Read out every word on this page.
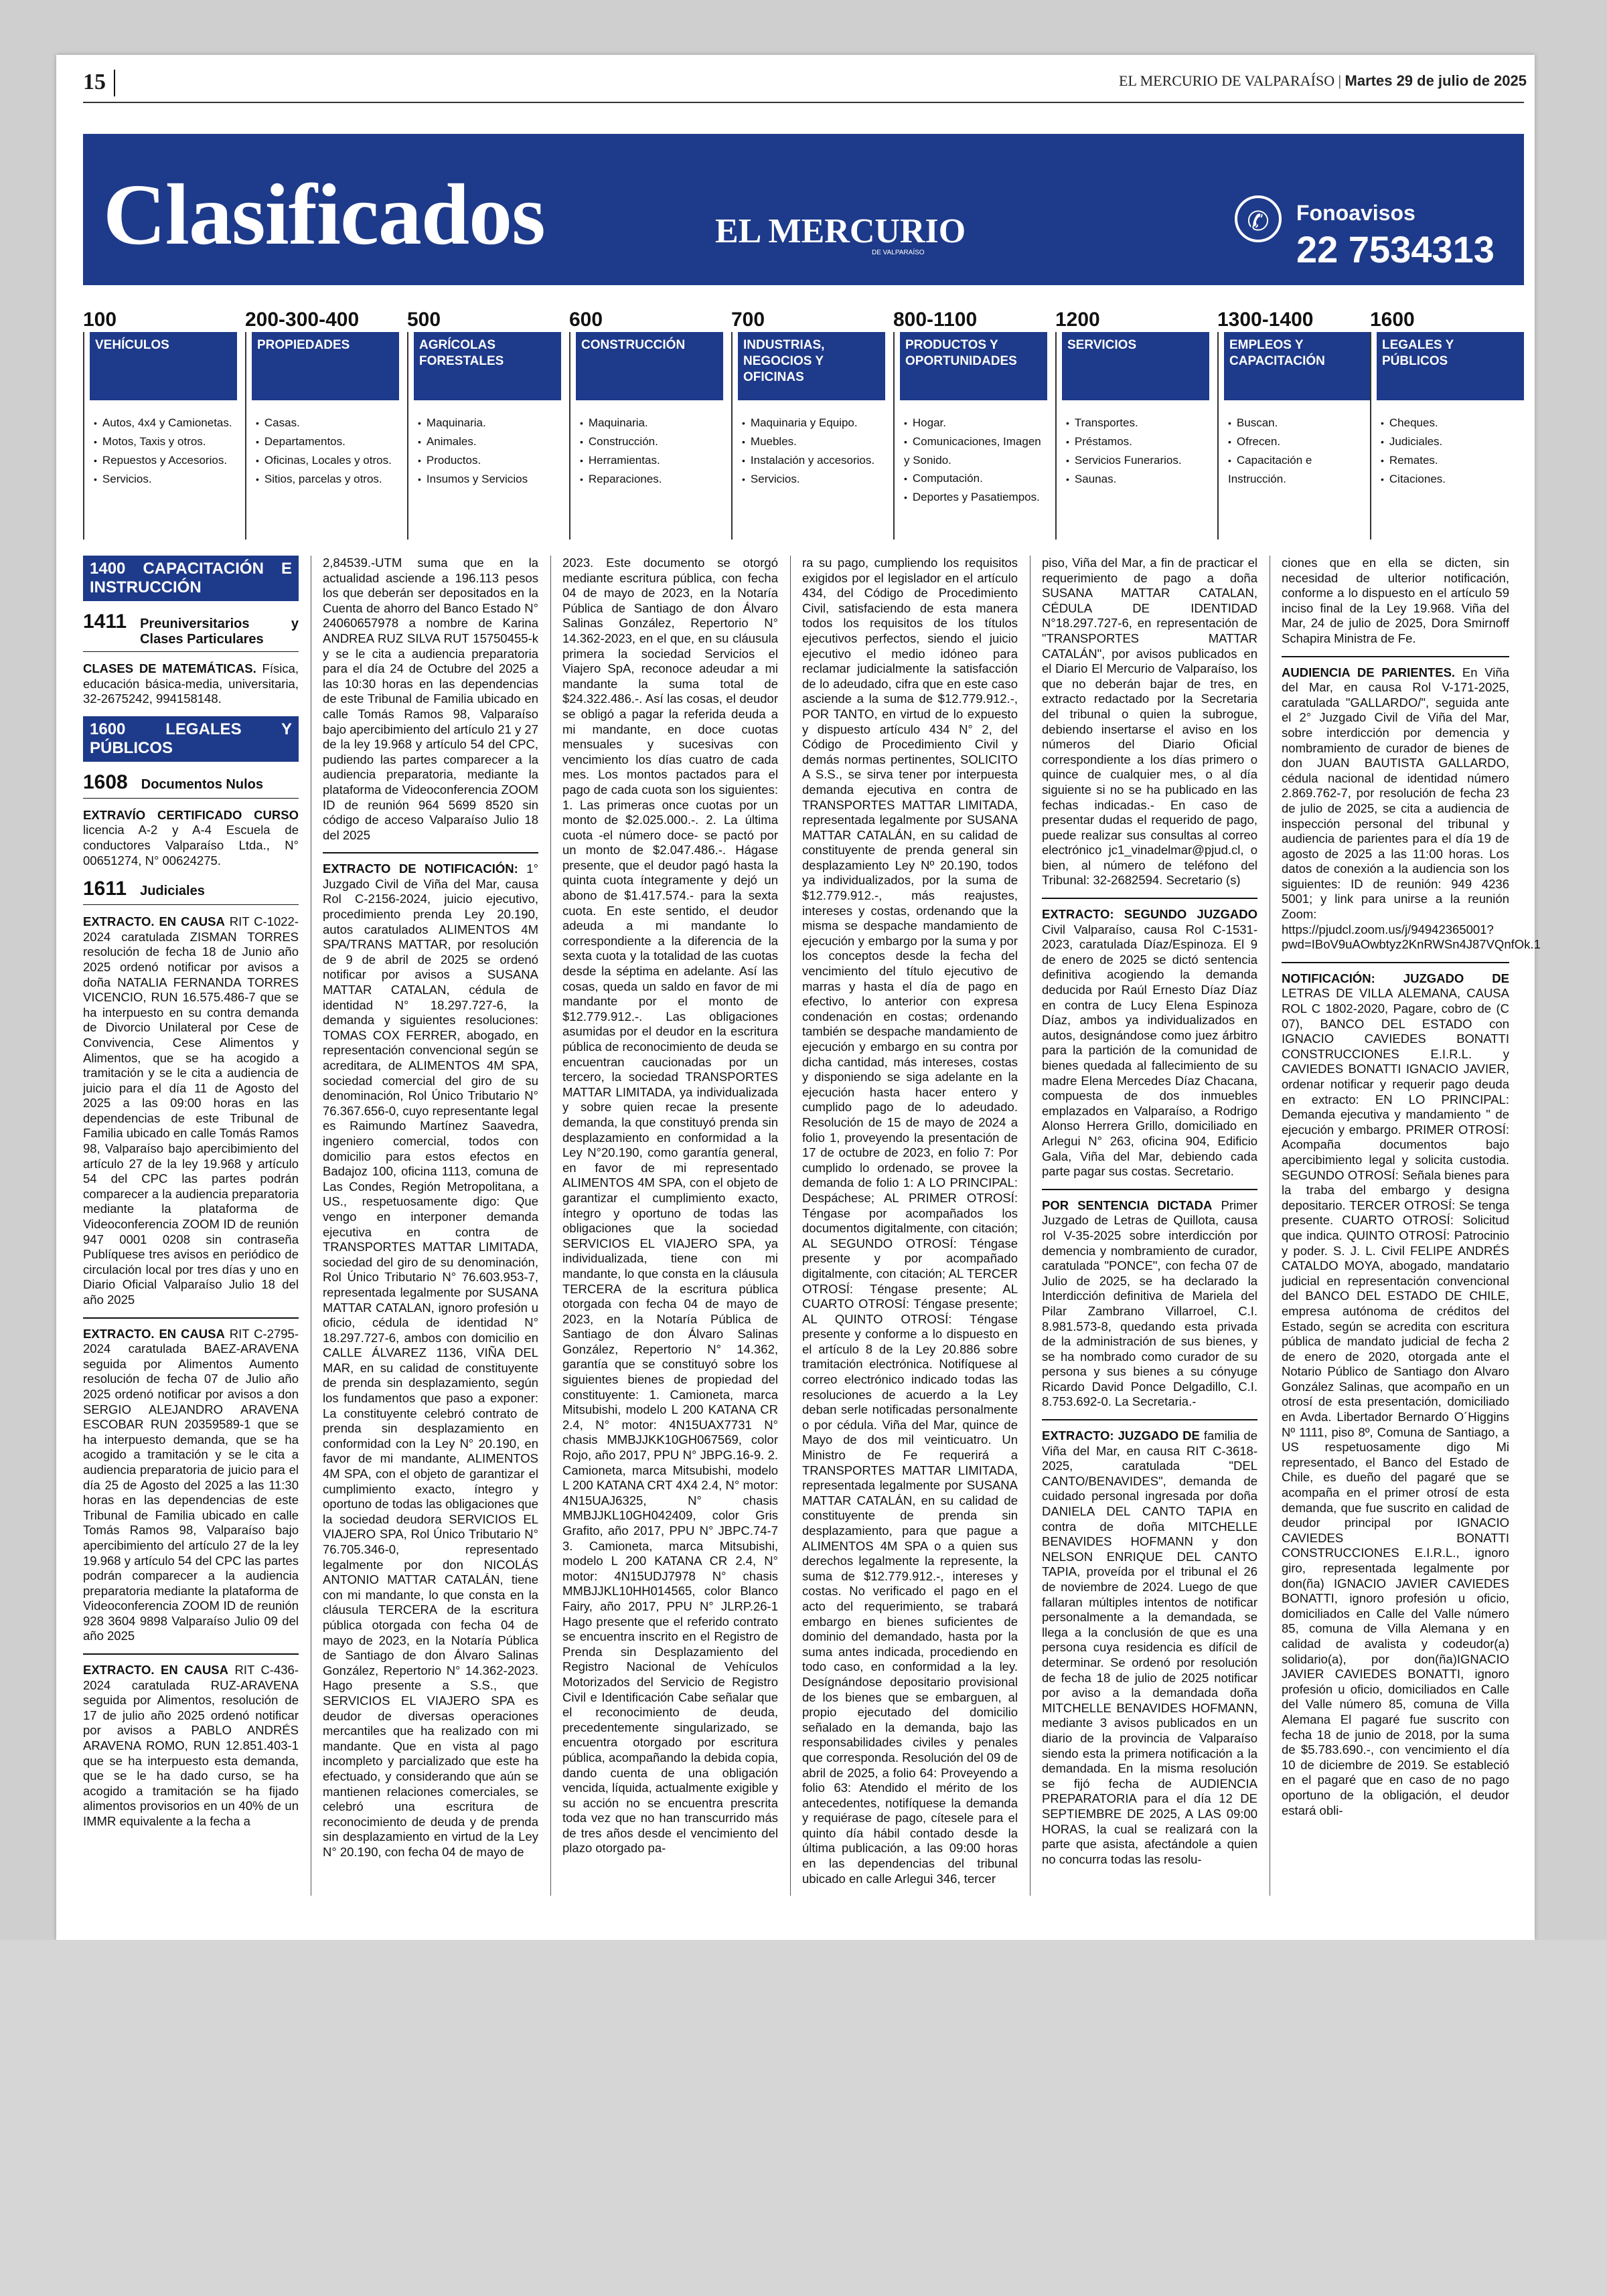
15	EL MERCURIO DE VALPARAÍSO | Martes 29 de julio de 2025
Clasificados	EL MERCURIO
DE VALPARAÍSO
✆	Fonoavisos
22 7534313
100
VEHÍCULOS
• Autos, 4x4 y Camionetas.
• Motos, Taxis y otros.
• Repuestos y Accesorios.
• Servicios.
200-300-400
PROPIEDADES
• Casas.
• Departamentos.
• Oficinas, Locales y otros.
• Sitios, parcelas y otros.
500
AGRÍCOLAS FORESTALES
• Maquinaria.
• Animales.
• Productos.
• Insumos y Servicios
600
CONSTRUCCIÓN
• Maquinaria.
• Construcción.
• Herramientas.
• Reparaciones.
700
INDUSTRIAS, NEGOCIOS Y OFICINAS
• Maquinaria y Equipo.
• Muebles.
• Instalación y accesorios.
• Servicios.
800-1100
PRODUCTOS Y OPORTUNIDADES
• Hogar.
• Comunicaciones, Imagen y Sonido.
• Computación.
• Deportes y Pasatiempos.
1200
SERVICIOS
• Transportes.
• Préstamos.
• Servicios Funerarios.
• Saunas.
1300-1400
EMPLEOS Y CAPACITACIÓN
• Buscan.
• Ofrecen.
• Capacitación e Instrucción.
1600
LEGALES Y PÚBLICOS
• Cheques.
• Judiciales.
• Remates.
• Citaciones.
1400 CAPACITACIÓN E INSTRUCCIÓN
1411 Preuniversitarios y Clases Particulares

CLASES DE MATEMÁTICAS. Física, educación básica-media, universitaria, 32-2675242, 994158148.

1600 LEGALES Y PÚBLICOS
1608 Documentos Nulos

EXTRAVÍO CERTIFICADO CURSO licencia A-2 y A-4 Escuela de conductores Valparaíso Ltda., N° 00651274, N° 00624275.

1611 Judiciales

EXTRACTO. EN CAUSA RIT C-1022-2024 caratulada ZISMAN TORRES resolución de fecha 18 de Junio año 2025 ordenó notificar por avisos a doña NATALIA FERNANDA TORRES VICENCIO, RUN 16.575.486-7 que se ha interpuesto en su contra demanda de Divorcio Unilateral por Cese de Convivencia, Cese Alimentos y Alimentos, que se ha acogido a tramitación y se le cita a audiencia de juicio para el día 11 de Agosto del 2025 a las 09:00 horas en las dependencias de este Tribunal de Familia ubicado en calle Tomás Ramos 98, Valparaíso bajo apercibimiento del artículo 27 de la ley 19.968 y artículo 54 del CPC las partes podrán comparecer a la audiencia preparatoria mediante la plataforma de Videoconferencia ZOOM ID de reunión 947 0001 0208 sin contraseña Publíquese tres avisos en periódico de circulación local por tres días y uno en Diario Oficial Valparaíso Julio 18 del año 2025

EXTRACTO. EN CAUSA RIT C-2795-2024 caratulada BAEZ-ARAVENA seguida por Alimentos Aumento resolución de fecha 07 de Julio año 2025 ordenó notificar por avisos a don SERGIO ALEJANDRO ARAVENA ESCOBAR RUN 20359589-1 que se ha interpuesto demanda, que se ha acogido a tramitación y se le cita a audiencia preparatoria de juicio para el día 25 de Agosto del 2025 a las 11:30 horas en las dependencias de este Tribunal de Familia ubicado en calle Tomás Ramos 98, Valparaíso bajo apercibimiento del artículo 27 de la ley 19.968 y artículo 54 del CPC las partes podrán comparecer a la audiencia preparatoria mediante la plataforma de Videoconferencia ZOOM ID de reunión 928 3604 9898 Valparaíso Julio 09 del año 2025

EXTRACTO. EN CAUSA RIT C-436-2024 caratulada RUZ-ARAVENA seguida por Alimentos, resolución de 17 de julio año 2025 ordenó notificar por avisos a PABLO ANDRÉS ARAVENA ROMO, RUN 12.851.403-1 que se ha interpuesto esta demanda, que se le ha dado curso, se ha acogido a tramitación se ha fijado alimentos provisorios en un 40% de un IMMR equivalente a la fecha a

2,84539.-UTM suma que en la actualidad asciende a 196.113 pesos los que deberán ser depositados en la Cuenta de ahorro del Banco Estado N° 24060657978 a nombre de Karina ANDREA RUZ SILVA RUT 15750455-k y se le cita a audiencia preparatoria para el día 24 de Octubre del 2025 a las 10:30 horas en las dependencias de este Tribunal de Familia ubicado en calle Tomás Ramos 98, Valparaíso bajo apercibimiento del artículo 21 y 27 de la ley 19.968 y artículo 54 del CPC, pudiendo las partes comparecer a la audiencia preparatoria, mediante la plataforma de Videoconferencia ZOOM ID de reunión 964 5699 8520 sin código de acceso Valparaíso Julio 18 del 2025

EXTRACTO DE NOTIFICACIÓN: 1° Juzgado Civil de Viña del Mar, causa Rol C-2156-2024, juicio ejecutivo, procedimiento prenda Ley 20.190, autos caratulados ALIMENTOS 4M SPA/TRANS MATTAR, por resolución de 9 de abril de 2025 se ordenó notificar por avisos a SUSANA MATTAR CATALAN, cédula de identidad N° 18.297.727-6, la demanda y siguientes resoluciones: TOMAS COX FERRER, abogado, en representación convencional según se acreditara, de ALIMENTOS 4M SPA, sociedad comercial del giro de su denominación, Rol Único Tributario N° 76.367.656-0, cuyo representante legal es Raimundo Martínez Saavedra, ingeniero comercial, todos con domicilio para estos efectos en Badajoz 100, oficina 1113, comuna de Las Condes, Región Metropolitana, a US., respetuosamente digo: Que vengo en interponer demanda ejecutiva en contra de TRANSPORTES MATTAR LIMITADA, sociedad del giro de su denominación, Rol Único Tributario N° 76.603.953-7, representada legalmente por SUSANA MATTAR CATALAN, ignoro profesión u oficio, cédula de identidad N° 18.297.727-6, ambos con domicilio en CALLE ÁLVAREZ 1136, VIÑA DEL MAR, en su calidad de constituyente de prenda sin desplazamiento, según los fundamentos que paso a exponer: La constituyente celebró contrato de prenda sin desplazamiento en conformidad con la Ley N° 20.190, en favor de mi mandante, ALIMENTOS 4M SPA, con el objeto de garantizar el cumplimiento exacto, íntegro y oportuno de todas las obligaciones que la sociedad deudora SERVICIOS EL VIAJERO SPA, Rol Único Tributario N° 76.705.346-0, representado legalmente por don NICOLÁS ANTONIO MATTAR CATALÁN, tiene con mi mandante, lo que consta en la cláusula TERCERA de la escritura pública otorgada con fecha 04 de mayo de 2023, en la Notaría Pública de Santiago de don Álvaro Salinas González, Repertorio N° 14.362-2023. Hago presente a S.S., que SERVICIOS EL VIAJERO SPA es deudor de diversas operaciones mercantiles que ha realizado con mi mandante. Que en vista al pago incompleto y parcializado que este ha efectuado, y considerando que aún se mantienen relaciones comerciales, se celebró una escritura de reconocimiento de deuda y de prenda sin desplazamiento en virtud de la Ley N° 20.190, con fecha 04 de mayo de

2023. Este documento se otorgó mediante escritura pública, con fecha 04 de mayo de 2023, en la Notaría Pública de Santiago de don Álvaro Salinas González, Repertorio N° 14.362-2023, en el que, en su cláusula primera la sociedad Servicios el Viajero SpA, reconoce adeudar a mi mandante la suma total de $24.322.486.-. Así las cosas, el deudor se obligó a pagar la referida deuda a mi mandante, en doce cuotas mensuales y sucesivas con vencimiento los días cuatro de cada mes. Los montos pactados para el pago de cada cuota son los siguientes: 1. Las primeras once cuotas por un monto de $2.025.000.-. 2. La última cuota -el número doce- se pactó por un monto de $2.047.486.-. Hágase presente, que el deudor pagó hasta la quinta cuota íntegramente y dejó un abono de $1.417.574.- para la sexta cuota. En este sentido, el deudor adeuda a mi mandante lo correspondiente a la diferencia de la sexta cuota y la totalidad de las cuotas desde la séptima en adelante. Así las cosas, queda un saldo en favor de mi mandante por el monto de $12.779.912.-. Las obligaciones asumidas por el deudor en la escritura pública de reconocimiento de deuda se encuentran caucionadas por un tercero, la sociedad TRANSPORTES MATTAR LIMITADA, ya individualizada y sobre quien recae la presente demanda, la que constituyó prenda sin desplazamiento en conformidad a la Ley N°20.190, como garantía general, en favor de mi representado ALIMENTOS 4M SPA, con el objeto de garantizar el cumplimiento exacto, íntegro y oportuno de todas las obligaciones que la sociedad SERVICIOS EL VIAJERO SPA, ya individualizada, tiene con mi mandante, lo que consta en la cláusula TERCERA de la escritura pública otorgada con fecha 04 de mayo de 2023, en la Notaría Pública de Santiago de don Álvaro Salinas González, Repertorio N° 14.362, garantía que se constituyó sobre los siguientes bienes de propiedad del constituyente: 1. Camioneta, marca Mitsubishi, modelo L 200 KATANA CR 2.4, N° motor: 4N15UAX7731 N° chasis MMBJJKK10GH067569, color Rojo, año 2017, PPU N° JBPG.16-9. 2. Camioneta, marca Mitsubishi, modelo L 200 KATANA CRT 4X4 2.4, N° motor: 4N15UAJ6325, N° chasis MMBJJKL10GH042409, color Gris Grafito, año 2017, PPU N° JBPC.74-7 3. Camioneta, marca Mitsubishi, modelo L 200 KATANA CR 2.4, N° motor: 4N15UDJ7978 N° chasis MMBJJKL10HH014565, color Blanco Fairy, año 2017, PPU N° JLRP.26-1 Hago presente que el referido contrato se encuentra inscrito en el Registro de Prenda sin Desplazamiento del Registro Nacional de Vehículos Motorizados del Servicio de Registro Civil e Identificación Cabe señalar que el reconocimiento de deuda, precedentemente singularizado, se encuentra otorgado por escritura pública, acompañando la debida copia, dando cuenta de una obligación vencida, líquida, actualmente exigible y su acción no se encuentra prescrita toda vez que no han transcurrido más de tres años desde el vencimiento del plazo otorgado pa-

ra su pago, cumpliendo los requisitos exigidos por el legislador en el artículo 434, del Código de Procedimiento Civil, satisfaciendo de esta manera todos los requisitos de los títulos ejecutivos perfectos, siendo el juicio ejecutivo el medio idóneo para reclamar judicialmente la satisfacción de lo adeudado, cifra que en este caso asciende a la suma de $12.779.912.-, POR TANTO, en virtud de lo expuesto y dispuesto artículo 434 N° 2, del Código de Procedimiento Civil y demás normas pertinentes, SOLICITO A S.S., se sirva tener por interpuesta demanda ejecutiva en contra de TRANSPORTES MATTAR LIMITADA, representada legalmente por SUSANA MATTAR CATALÁN, en su calidad de constituyente de prenda general sin desplazamiento Ley Nº 20.190, todos ya individualizados, por la suma de $12.779.912.-, más reajustes, intereses y costas, ordenando que la misma se despache mandamiento de ejecución y embargo por la suma y por los conceptos desde la fecha del vencimiento del título ejecutivo de marras y hasta el día de pago en efectivo, lo anterior con expresa condenación en costas; ordenando también se despache mandamiento de ejecución y embargo en su contra por dicha cantidad, más intereses, costas y disponiendo se siga adelante en la ejecución hasta hacer entero y cumplido pago de lo adeudado. Resolución de 15 de mayo de 2024 a folio 1, proveyendo la presentación de 17 de octubre de 2023, en folio 7: Por cumplido lo ordenado, se provee la demanda de folio 1: A LO PRINCIPAL: Despáchese; AL PRIMER OTROSÍ: Téngase por acompañados los documentos digitalmente, con citación; AL SEGUNDO OTROSÍ: Téngase presente y por acompañado digitalmente, con citación; AL TERCER OTROSÍ: Téngase presente; AL CUARTO OTROSÍ: Téngase presente; AL QUINTO OTROSÍ: Téngase presente y conforme a lo dispuesto en el artículo 8 de la Ley 20.886 sobre tramitación electrónica. Notifíquese al correo electrónico indicado todas las resoluciones de acuerdo a la Ley deban serle notificadas personalmente o por cédula. Viña del Mar, quince de Mayo de dos mil veinticuatro. Un Ministro de Fe requerirá a TRANSPORTES MATTAR LIMITADA, representada legalmente por SUSANA MATTAR CATALÁN, en su calidad de constituyente de prenda sin desplazamiento, para que pague a ALIMENTOS 4M SPA o a quien sus derechos legalmente la represente, la suma de $12.779.912.-, intereses y costas. No verificado el pago en el acto del requerimiento, se trabará embargo en bienes suficientes de dominio del demandado, hasta por la suma antes indicada, procediendo en todo caso, en conformidad a la ley. Desígnándose depositario provisional de los bienes que se embarguen, al propio ejecutado del domicilio señalado en la demanda, bajo las responsabilidades civiles y penales que corresponda. Resolución del 09 de abril de 2025, a folio 64: Proveyendo a folio 63: Atendido el mérito de los antecedentes, notifíquese la demanda y requiérase de pago, cítesele para el quinto día hábil contado desde la última publicación, a las 09:00 horas en las dependencias del tribunal ubicado en calle Arlegui 346, tercer

piso, Viña del Mar, a fin de practicar el requerimiento de pago a doña SUSANA MATTAR CATALAN, CÉDULA DE IDENTIDAD N°18.297.727-6, en representación de "TRANSPORTES MATTAR CATALÁN", por avisos publicados en el Diario El Mercurio de Valparaíso, los que no deberán bajar de tres, en extracto redactado por la Secretaria del tribunal o quien la subrogue, debiendo insertarse el aviso en los números del Diario Oficial correspondiente a los días primero o quince de cualquier mes, o al día siguiente si no se ha publicado en las fechas indicadas.- En caso de presentar dudas el requerido de pago, puede realizar sus consultas al correo electrónico jc1_vinadelmar@pjud.cl, o bien, al número de teléfono del Tribunal: 32-2682594. Secretario (s)

EXTRACTO: SEGUNDO JUZGADO Civil Valparaíso, causa Rol C-1531-2023, caratulada Díaz/Espinoza. El 9 de enero de 2025 se dictó sentencia definitiva acogiendo la demanda deducida por Raúl Ernesto Díaz Díaz en contra de Lucy Elena Espinoza Díaz, ambos ya individualizados en autos, designándose como juez árbitro para la partición de la comunidad de bienes quedada al fallecimiento de su madre Elena Mercedes Díaz Chacana, compuesta de dos inmuebles emplazados en Valparaíso, a Rodrigo Alonso Herrera Grillo, domiciliado en Arlegui N° 263, oficina 904, Edificio Gala, Viña del Mar, debiendo cada parte pagar sus costas. Secretario.

POR SENTENCIA DICTADA Primer Juzgado de Letras de Quillota, causa rol V-35-2025 sobre interdicción por demencia y nombramiento de curador, caratulada "PONCE", con fecha 07 de Julio de 2025, se ha declarado la Interdicción definitiva de Mariela del Pilar Zambrano Villarroel, C.I. 8.981.573-8, quedando esta privada de la administración de sus bienes, y se ha nombrado como curador de su persona y sus bienes a su cónyuge Ricardo David Ponce Delgadillo, C.I. 8.753.692-0. La Secretaria.-

EXTRACTO: JUZGADO DE familia de Viña del Mar, en causa RIT C-3618-2025, caratulada "DEL CANTO/BENAVIDES", demanda de cuidado personal ingresada por doña DANIELA DEL CANTO TAPIA en contra de doña MITCHELLE BENAVIDES HOFMANN y don NELSON ENRIQUE DEL CANTO TAPIA, proveída por el tribunal el 26 de noviembre de 2024. Luego de que fallaran múltiples intentos de notificar personalmente a la demandada, se llega a la conclusión de que es una persona cuya residencia es difícil de determinar. Se ordenó por resolución de fecha 18 de julio de 2025 notificar por aviso a la demandada doña MITCHELLE BENAVIDES HOFMANN, mediante 3 avisos publicados en un diario de la provincia de Valparaíso siendo esta la primera notificación a la demandada. En la misma resolución se fijó fecha de AUDIENCIA PREPARATORIA para el día 12 DE SEPTIEMBRE DE 2025, A LAS 09:00 HORAS, la cual se realizará con la parte que asista, afectándole a quien no concurra todas las resolu-

ciones que en ella se dicten, sin necesidad de ulterior notificación, conforme a lo dispuesto en el artículo 59 inciso final de la Ley 19.968. Viña del Mar, 24 de julio de 2025, Dora Smirnoff Schapira Ministra de Fe.

AUDIENCIA DE PARIENTES. En Viña del Mar, en causa Rol V-171-2025, caratulada "GALLARDO/", seguida ante el 2° Juzgado Civil de Viña del Mar, sobre interdicción por demencia y nombramiento de curador de bienes de don JUAN BAUTISTA GALLARDO, cédula nacional de identidad número 2.869.762-7, por resolución de fecha 23 de julio de 2025, se cita a audiencia de inspección personal del tribunal y audiencia de parientes para el día 19 de agosto de 2025 a las 11:00 horas. Los datos de conexión a la audiencia son los siguientes: ID de reunión: 949 4236 5001; y link para unirse a la reunión Zoom: https://pjudcl.zoom.us/j/94942365001?pwd=IBoV9uAOwbtyz2KnRWSn4J87VQnfOk.1

NOTIFICACIÓN: JUZGADO DE LETRAS DE VILLA ALEMANA, CAUSA ROL C 1802-2020, Pagare, cobro de (C 07), BANCO DEL ESTADO con IGNACIO CAVIEDES BONATTI CONSTRUCCIONES E.I.R.L. y CAVIEDES BONATTI IGNACIO JAVIER, ordenar notificar y requerir pago deuda en extracto: EN LO PRINCIPAL: Demanda ejecutiva y mandamiento " de ejecución y embargo. PRIMER OTROSÍ: Acompaña documentos bajo apercibimiento legal y solicita custodia. SEGUNDO OTROSÍ: Señala bienes para la traba del embargo y designa depositario. TERCER OTROSÍ: Se tenga presente. CUARTO OTROSÍ: Solicitud que indica. QUINTO OTROSÍ: Patrocinio y poder. S. J. L. Civil FELIPE ANDRÉS CATALDO MOYA, abogado, mandatario judicial en representación convencional del BANCO DEL ESTADO DE CHILE, empresa autónoma de créditos del Estado, según se acredita con escritura pública de mandato judicial de fecha 2 de enero de 2020, otorgada ante el Notario Público de Santiago don Alvaro González Salinas, que acompaño en un otrosí de esta presentación, domiciliado en Avda. Libertador Bernardo O´Higgins Nº 1111, piso 8º, Comuna de Santiago, a US respetuosamente digo Mi representado, el Banco del Estado de Chile, es dueño del pagaré que se acompaña en el primer otrosí de esta demanda, que fue suscrito en calidad de deudor principal por IGNACIO CAVIEDES BONATTI CONSTRUCCIONES E.I.R.L., ignoro giro, representada legalmente por don(ña) IGNACIO JAVIER CAVIEDES BONATTI, ignoro profesión u oficio, domiciliados en Calle del Valle número 85, comuna de Villa Alemana y en calidad de avalista y codeudor(a) solidario(a), por don(ña)IGNACIO JAVIER CAVIEDES BONATTI, ignoro profesión u oficio, domiciliados en Calle del Valle número 85, comuna de Villa Alemana El pagaré fue suscrito con fecha 18 de junio de 2018, por la suma de $5.783.690.-, con vencimiento el día 10 de diciembre de 2019. Se estableció en el pagaré que en caso de no pago oportuno de la obligación, el deudor estará obli-
